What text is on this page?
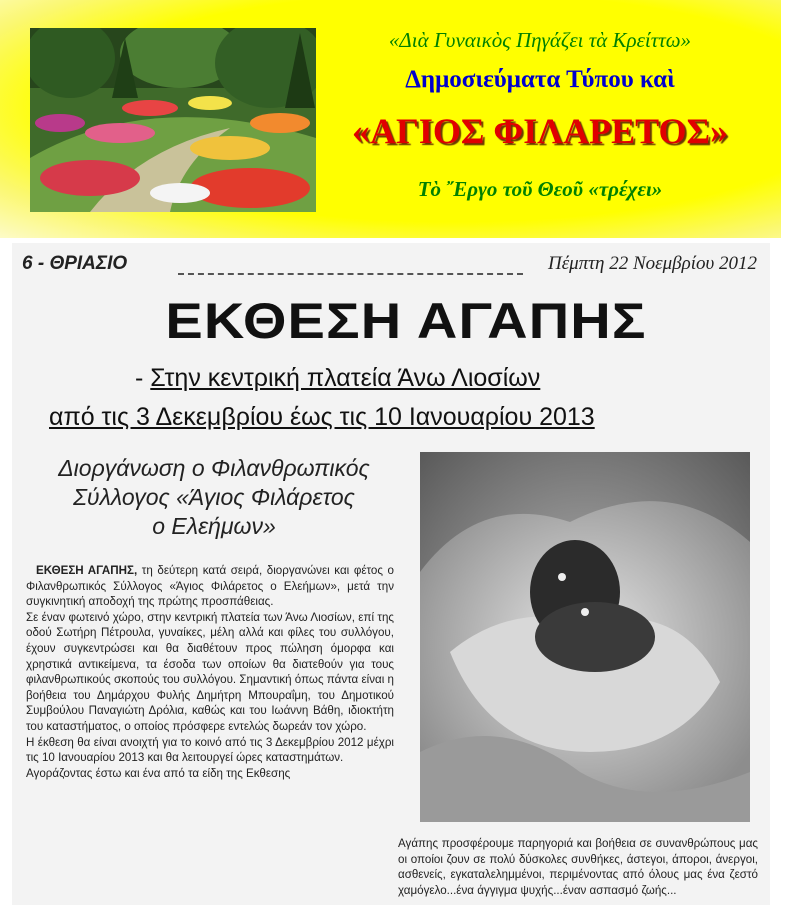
«Διὰ Γυναικὸς Πηγάζει τὰ Κρείττω»
Δημοσιεύματα Τύπου καὶ
«ΑΓΙΟΣ ΦΙΛΑΡΕΤΟΣ»
Τὸ ῎Εργο τοῦ Θεοῦ «τρέχει»
6 - ΘΡΙΑΣΙΟ	Πέμπτη 22 Νοεμβρίου 2012
ΕΚΘΕΣΗ ΑΓΑΠΗΣ
- Στην κεντρική πλατεία Άνω Λιοσίων
από τις 3 Δεκεμβρίου έως τις 10 Ιανουαρίου 2013
Διοργάνωση ο Φιλανθρωπικός
Σύλλογος «Άγιος Φιλάρετος
ο Ελεήμων»

ΕΚΘΕΣΗ ΑΓΑΠΗΣ, τη δεύτερη κατά σειρά, διοργανώνει και φέτος ο Φιλανθρωπικός Σύλλογος «Άγιος Φιλάρετος ο Ελεήμων», μετά την συγκινητική αποδοχή της πρώτης προσπάθειας.

Σε έναν φωτεινό χώρο, στην κεντρική πλατεία των Άνω Λιοσίων, επί της οδού Σωτήρη Πέτρουλα, γυναίκες, μέλη αλλά και φίλες του συλλόγου, έχουν συγκεντρώσει και θα διαθέτουν προς πώληση όμορφα και χρηστικά αντικείμενα, τα έσοδα των οποίων θα διατεθούν για τους φιλανθρωπικούς σκοπούς του συλλόγου. Σημαντική όπως πάντα είναι η βοήθεια του Δημάρχου Φυλής Δημήτρη Μπουραΐμη, του Δημοτικού Συμβούλου Παναγιώτη Δρόλια, καθώς και του Ιωάννη Βάθη, ιδιοκτήτη του καταστήματος, ο οποίος πρόσφερε εντελώς δωρεάν τον χώρο.

Η έκθεση θα είναι ανοιχτή για το κοινό από τις 3 Δεκεμβρίου 2012 μέχρι τις 10 Ιανουαρίου 2013 και θα λειτουργεί ώρες καταστημάτων.

Αγοράζοντας έστω και ένα από τα είδη της Εκθεσης

Αγάπης προσφέρουμε παρηγοριά και βοήθεια σε συνανθρώπους μας οι οποίοι ζουν σε πολύ δύσκολες συνθήκες, άστεγοι, άποροι, άνεργοι, ασθενείς, εγκαταλελημμένοι, περιμένοντας από όλους μας ένα ζεστό χαμόγελο...ένα άγγιγμα ψυχής...έναν ασπασμό ζωής...
